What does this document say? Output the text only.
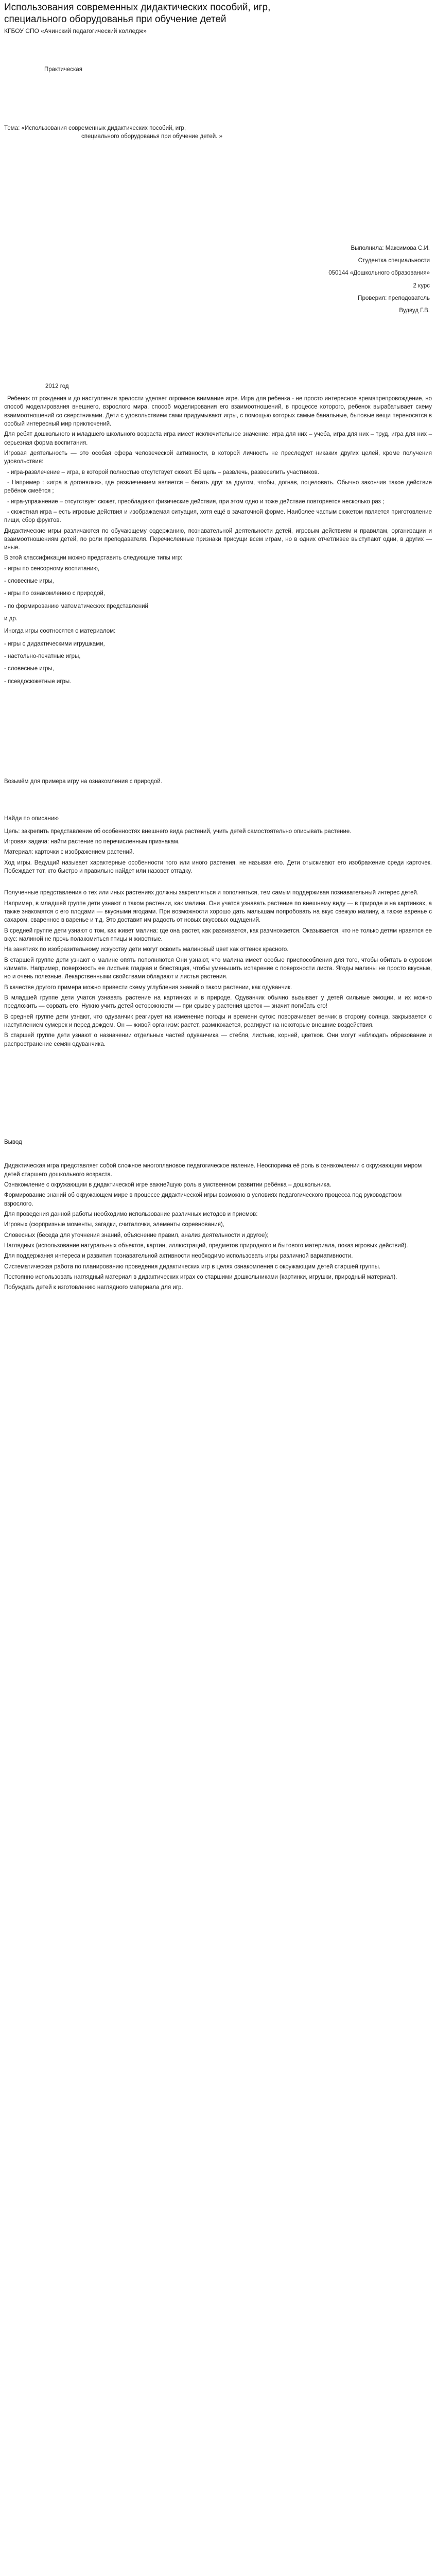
Использования современных дидактических пособий, игр, специального оборудованья при обучение детей

КГБОУ СПО «Ачинский педагогический колледж»

Практическая

Тема: «Использования современных дидактических пособий, игр,
специального оборудованья при обучение детей. »

Выполнила: Максимова С.И.

Студентка специальности

050144 «Дошкольного образования»

2 курс

Проверил: преподователь

Вудвуд Г.В.

2012 год

Ребенок от рождения и до наступления зрелости уделяет огромное внимание игре. Игра для ребенка - не просто интересное времяпрепровождение, но способ моделирования внешнего, взрослого мира, способ моделирования его взаимоотношений, в процессе которого, ребенок вырабатывает схему взаимоотношений со сверстниками. Дети с удовольствием сами придумывают игры, с помощью которых самые банальные, бытовые вещи переносятся в особый интересный мир приключений.

Для ребят дошкольного и младшего школьного возраста игра имеет исключительное значение: игра для них – учеба, игра для них – труд, игра для них – серьезная форма воспитания.

Игровая деятельность — это особая сфера человеческой активности, в которой личность не преследует никаких других целей, кроме получения удовольствия:

- игра-развлечение – игра, в которой полностью отсутствует сюжет. Её цель – развлечь, развеселить участников.

- Например : «игра в догонялки», где развлечением является – бегать друг за другом, чтобы, догнав, поцеловать. Обычно закончив такое действие ребёнок смеётся ;

- игра-упражнение – отсутствует сюжет, преобладают физические действия, при этом одно и тоже действие повторяется несколько раз ;

- сюжетная игра – есть игровые действия и изображаемая ситуация, хотя ещё в зачаточной форме. Наиболее частым сюжетом является приготовление пищи, сбор фруктов.

Дидактические игры различаются по обучающему содержанию, познавательной деятельности детей, игровым действиям и правилам, организации и взаимоотношениям детей, по роли преподавателя. Перечисленные признаки присущи всем играм, но в одних отчетливее выступают одни, в других — иные.

В этой классификации можно представить следующие типы игр:

- игры по сенсорному воспитанию,

- словесные игры,

- игры по ознакомлению с природой,

- по формированию математических представлений

и др.

Иногда игры соотносятся с материалом:

- игры с дидактическими игрушками,

- настольно-печатные игры,

- словесные игры,

- псевдосюжетные игры.

Возьмём для примера игру на ознакомления с природой.

Найди по описанию

Цель: закрепить представление об особенностях внешнего вида растений, учить детей самостоятельно описывать растение.

Игровая задача: найти растение по перечисленным признакам.

Материал: карточки с изображением растений.

Ход игры. Ведущий называет характерные особенности того или иного растения, не называя его. Дети отыскивают его изображение среди карточек. Побеждает тот, кто быстро и правильно найдет или назовет отгадку.

Полученные представления о тех или иных растениях должны закрепляться и пополняться, тем самым поддерживая познавательный интерес детей.

Например, в младшей группе дети узнают о таком растении, как малина. Они учатся узнавать растение по внешнему виду — в природе и на картинках, а также знакомятся с его плодами — вкусными ягодами. При возможности хорошо дать малышам попробовать на вкус свежую малину, а также варенье с сахаром, сваренное в варенье и т.д. Это доставит им радость от новых вкусовых ощущений.

В средней группе дети узнают о том, как живет малина: где она растет, как развивается, как размножается. Оказывается, что не только детям нравятся ее вкус: малиной не прочь полакомиться птицы и животные.

На занятиях по изобразительному искусству дети могут освоить малиновый цвет как оттенок красного.

В старшей группе дети узнают о малине опять пополняются Они узнают, что малина имеет особые приспособления для того, чтобы обитать в суровом климате. Например, поверхность ее листьев гладкая и блестящая, чтобы уменьшить испарение с поверхности листа. Ягоды малины не просто вкусные, но и очень полезные. Лекарственными свойствами обладают и листья растения.

В качестве другого примера можно привести схему углубления знаний о таком растении, как одуванчик.

В младшей группе дети учатся узнавать растение на картинках и в природе. Одуванчик обычно вызывает у детей сильные эмоции, и их можно предложить — сорвать его. Нужно учить детей осторожности — при срыве у растения цветок — значит погибать его!

В средней группе дети узнают, что одуванчик реагирует на изменение погоды и времени суток: поворачивает венчик в сторону солнца, закрывается с наступлением сумерек и перед дождем. Он — живой организм: растет, размножается, реагирует на некоторые внешние воздействия.

В старшей группе дети узнают о назначении отдельных частей одуванчика — стебля, листьев, корней, цветков. Они могут наблюдать образование и распространение семян одуванчика.

Вывод

Дидактическая игра представляет собой сложное многоплановое педагогическое явление. Неоспорима её роль в ознакомлении с окружающим миром детей старшего дошкольного возраста.

Ознакомление с окружающим в дидактической игре важнейшую роль в умственном развитии ребёнка – дошкольника.

Формирование знаний об окружающем мире в процессе дидактической игры возможно в условиях педагогического процесса под руководством взрослого.

Для проведения данной работы необходимо использование различных методов и приемов:

Игровых (сюрпризные моменты, загадки, считалочки, элементы соревнования),

Словесных (беседа для уточнения знаний, объяснение правил, анализ деятельности и другое);

Наглядных (использование натуральных объектов, картин, иллюстраций, предметов природного и бытового материала, показ игровых действий).

Для поддержания интереса и развития познавательной активности необходимо использовать игры различной вариативности.

Систематическая работа по планированию проведения дидактических игр в целях ознакомления с окружающим детей старшей группы.

Постоянно использовать наглядный материал в дидактических играх со старшими дошкольниками (картинки, игрушки, природный материал).

Побуждать детей к изготовлению наглядного материала для игр.
